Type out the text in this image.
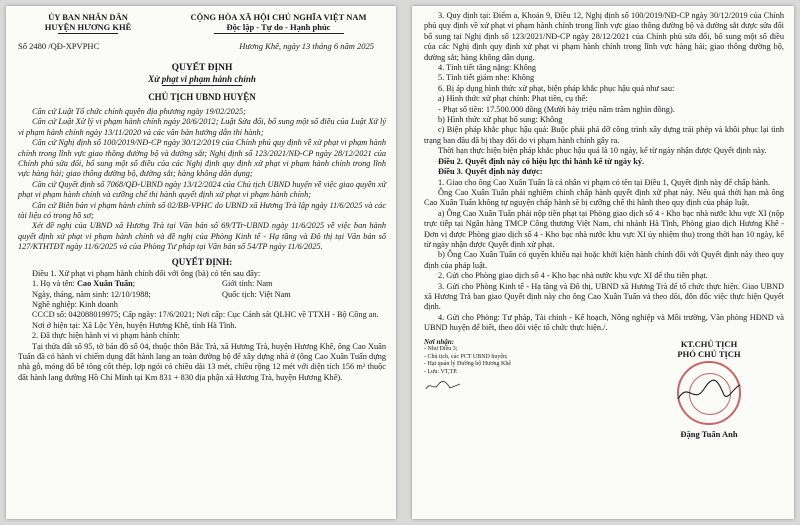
ỦY BAN NHÂN DÂN
HUYỆN HƯƠNG KHÊ
CỘNG HÒA XÃ HỘI CHỦ NGHĨA VIỆT NAM
Độc lập - Tự do - Hạnh phúc
Số 2480 /QĐ-XPVPHC	Hương Khê, ngày 13 tháng 6 năm 2025
QUYẾT ĐỊNH
Xử phạt vi phạm hành chính
CHỦ TỊCH UBND HUYỆN

Căn cứ Luật Tổ chức chính quyền địa phương ngày 19/02/2025;

Căn cứ Luật Xử lý vi phạm hành chính ngày 20/6/2012; Luật Sửa đổi, bổ sung một số điều của Luật Xử lý vi phạm hành chính ngày 13/11/2020 và các văn bản hướng dẫn thi hành;

Căn cứ Nghị định số 100/2019/NĐ-CP ngày 30/12/2019 của Chính phủ quy định về xử phạt vi phạm hành chính trong lĩnh vực giao thông đường bộ và đường sắt; Nghị định số 123/2021/NĐ-CP ngày 28/12/2021 của Chính phủ sửa đổi, bổ sung một số điều của các Nghị định quy định xử phạt vi phạm hành chính trong lĩnh vực hàng hải; giao thông đường bộ, đường sắt; hàng không dân dụng;

Căn cứ Quyết định số 7068/QĐ-UBND ngày 13/12/2024 của Chủ tịch UBND huyện về việc giao quyền xử phạt vi phạm hành chính và cưỡng chế thi hành quyết định xử phạt vi phạm hành chính;

Căn cứ Biên bản vi phạm hành chính số 02/BB-VPHC do UBND xã Hương Trà lập ngày 11/6/2025 và các tài liệu có trong hồ sơ;

Xét đề nghị của UBND xã Hương Trà tại Văn bản số 69/TTr-UBND ngày 11/6/2025 về việc ban hành quyết định xử phạt vi phạm hành chính và đề nghị của Phòng Kinh tế - Hạ tầng và Đô thị tại Văn bản số 127/KTHTĐT ngày 11/6/2025 và của Phòng Tư pháp tại Văn bản số 54/TP ngày 11/6/2025.

QUYẾT ĐỊNH:

Điều 1. Xử phạt vi phạm hành chính đối với ông (bà) có tên sau đây:

1. Họ và tên: Cao Xuân Tuấn;	Giới tính: Nam
Ngày, tháng, năm sinh: 12/10/1988;	Quốc tịch: Việt Nam

Nghề nghiệp: Kinh doanh

CCCD số: 042088019975; Cấp ngày: 17/6/2021; Nơi cấp: Cục Cảnh sát QLHC về TTXH - Bộ Công an.

Nơi ở hiện tại: Xã Lộc Yên, huyện Hương Khê, tỉnh Hà Tĩnh.

2. Đã thực hiện hành vi vi phạm hành chính:

Tại thửa đất số 95, tờ bản đồ số 04, thuộc thôn Bắc Trà, xã Hương Trà, huyện Hương Khê, ông Cao Xuân Tuấn đã có hành vi chiếm dụng đất hành lang an toàn đường bộ để xây dựng nhà ở (ông Cao Xuân Tuấn dựng nhà gỗ, móng đổ bê tông cốt thép, lợp ngói có chiều dài 13 mét, chiều rộng 12 mét với diện tích 156 m² thuộc đất hành lang đường Hồ Chí Minh tại Km 831 + 830 địa phận xã Hương Trà, huyện Hương Khê).

3. Quy định tại: Điểm a, Khoản 9, Điều 12, Nghị định số 100/2019/NĐ-CP ngày 30/12/2019 của Chính phủ quy định về xử phạt vi phạm hành chính trong lĩnh vực giao thông đường bộ và đường sắt được sửa đổi bổ sung tại Nghị định số 123/2021/NĐ-CP ngày 28/12/2021 của Chính phủ sửa đổi, bổ sung một số điều của các Nghị định quy định xử phạt vi phạm hành chính trong lĩnh vực hàng hải; giao thông đường bộ, đường sắt; hàng không dân dụng.

4. Tình tiết tăng nặng: Không

5. Tình tiết giảm nhẹ: Không

6. Bị áp dụng hình thức xử phạt, biện pháp khắc phục hậu quả như sau:

a) Hình thức xử phạt chính: Phạt tiền, cụ thể:

- Phạt số tiền: 17.500.000 đồng (Mười bảy triệu năm trăm nghìn đồng).

b) Hình thức xử phạt bổ sung: Không

c) Biện pháp khắc phục hậu quả: Buộc phải phá dỡ công trình xây dựng trái phép và khôi phục lại tình trạng ban đầu đã bị thay đổi do vi phạm hành chính gây ra.

Thời hạn thực hiện biện pháp khắc phục hậu quả là 10 ngày, kể từ ngày nhận được Quyết định này.

Điều 2. Quyết định này có hiệu lực thi hành kể từ ngày ký.

Điều 3. Quyết định này được:

1. Giao cho ông Cao Xuân Tuấn là cá nhân vi phạm có tên tại Điều 1, Quyết định này để chấp hành.

Ông Cao Xuân Tuấn phải nghiêm chỉnh chấp hành quyết định xử phạt này. Nếu quá thời hạn mà ông Cao Xuân Tuấn không tự nguyện chấp hành sẽ bị cưỡng chế thi hành theo quy định của pháp luật.

a) Ông Cao Xuân Tuấn phải nộp tiền phạt tại Phòng giao dịch số 4 - Kho bạc nhà nước khu vực XI (nộp trực tiếp tại Ngân hàng TMCP Công thương Việt Nam, chi nhánh Hà Tĩnh, Phòng giao dịch Hương Khê - Đơn vị được Phòng giao dịch số 4 - Kho bạc nhà nước khu vực XI ủy nhiệm thu) trong thời hạn 10 ngày, kể từ ngày nhận được Quyết định xử phạt.

b) Ông Cao Xuân Tuấn có quyền khiếu nại hoặc khởi kiện hành chính đối với Quyết định này theo quy định của pháp luật.

2. Gửi cho Phòng giao dịch số 4 - Kho bạc nhà nước khu vực XI để thu tiền phạt.

3. Gửi cho Phòng Kinh tế - Hạ tầng và Đô thị, UBND xã Hương Trà để tổ chức thực hiện. Giao UBND xã Hương Trà ban giao Quyết định này cho ông Cao Xuân Tuấn và theo dõi, đôn đốc việc thực hiện Quyết định.

4. Gửi cho Phòng: Tư pháp, Tài chính - Kế hoạch, Nông nghiệp và Môi trường, Văn phòng HĐND và UBND huyện để biết, theo dõi việc tổ chức thực hiện./.

Nơi nhận:
- Như Điều 3;
- Chủ tịch, các PCT UBND huyện;
- Hạt quản lý Đường bộ Hương Khê
- Lưu: VT,TP.
KT.CHỦ TỊCH
PHÓ CHỦ TỊCH
Đặng Tuấn Anh
